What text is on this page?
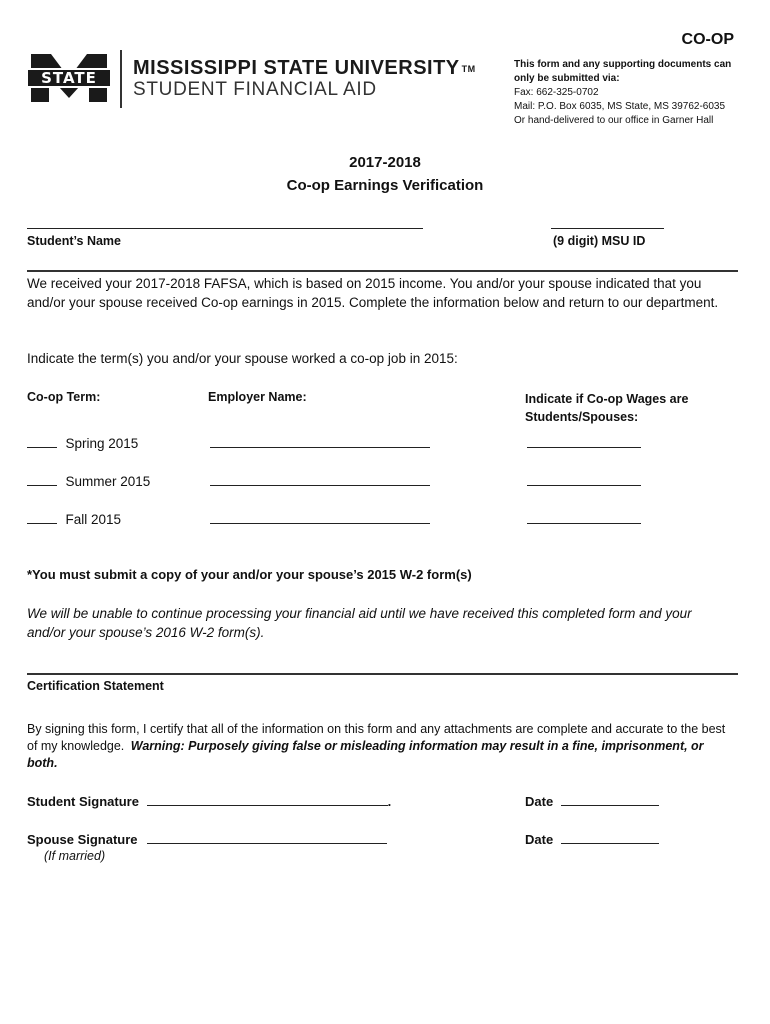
STATE MISSISSIPPI STATE UNIVERSITY TM
STUDENT FINANCIAL AID
CO-OP
This form and any supporting documents can only be submitted via:
Fax: 662-325-0702
Mail: P.O. Box 6035, MS State, MS 39762-6035
Or hand-delivered to our office in Garner Hall
2017-2018
Co-op Earnings Verification
Student’s Name	(9 digit) MSU ID
We received your 2017-2018 FAFSA, which is based on 2015 income. You and/or your spouse indicated that you and/or your spouse received Co-op earnings in 2015. Complete the information below and return to our department.
Indicate the term(s) you and/or your spouse worked a co-op job in 2015:
Co-op Term:	Employer Name:	Indicate if Co-op Wages are
Students/Spouses:
Spring 2015
Summer 2015
Fall 2015
*You must submit a copy of your and/or your spouse’s 2015 W-2 form(s)
We will be unable to continue processing your financial aid until we have received this completed form and your and/or your spouse’s 2016 W-2 form(s).
Certification Statement
By signing this form, I certify that all of the information on this form and any attachments are complete and accurate to the best of my knowledge. Warning: Purposely giving false or misleading information may result in a fine, imprisonment, or both.
Student Signature	.	Date
Spouse Signature	Date
(If married)
